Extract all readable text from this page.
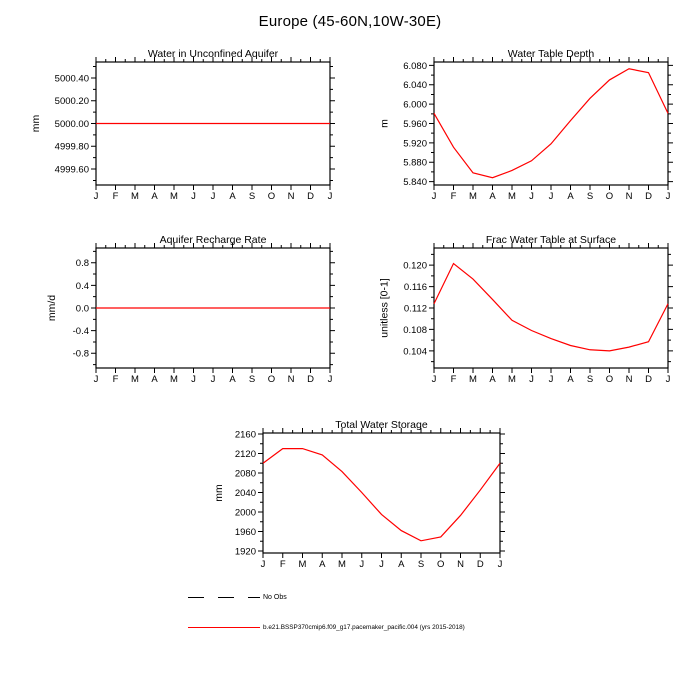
Europe (45-60N,10W-30E)
4999.60
4999.80
5000.00
5000.20
5000.40
J F M A M J J A S O N D J
Water in Unconfined Aquifer
mm
5.840
5.880
5.920
5.960
6.000
6.040
6.080
J F M A M J J A S O N D J
Water Table Depth
m
-0.8
-0.4
0.0
0.4
0.8
J F M A M J J A S O N D J
Aquifer Recharge Rate
mm/d
0.104
0.108
0.112
0.116
0.120
J F M A M J J A S O N D J
Frac Water Table at Surface
unitless [0-1]
1920
1960
2000
2040
2080
2120
2160
J F M A M J J A S O N D J
Total Water Storage
mm
No Obs
b.e21.BSSP370cmip6.f09_g17.pacemaker_pacific.004 (yrs 2015-2018)
